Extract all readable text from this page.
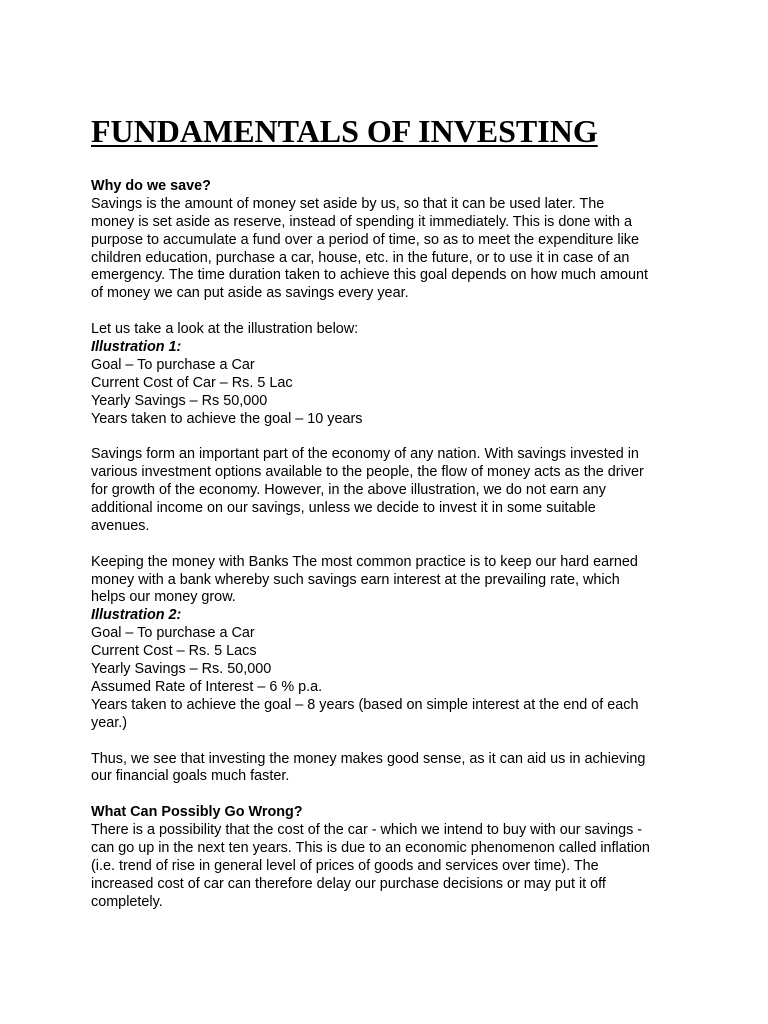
FUNDAMENTALS OF INVESTING
Why do we save?
Savings is the amount of money set aside by us, so that it can be used later. The
money is set aside as reserve, instead of spending it immediately. This is done with a
purpose to accumulate a fund over a period of time, so as to meet the expenditure like
children education, purchase a car, house, etc. in the future, or to use it in case of an
emergency. The time duration taken to achieve this goal depends on how much amount
of money we can put aside as savings every year.
Let us take a look at the illustration below:
Illustration 1:
Goal – To purchase a Car
Current Cost of Car – Rs. 5 Lac
Yearly Savings – Rs 50,000
Years taken to achieve the goal – 10 years
Savings form an important part of the economy of any nation. With savings invested in
various investment options available to the people, the flow of money acts as the driver
for growth of the economy. However, in the above illustration, we do not earn any
additional income on our savings, unless we decide to invest it in some suitable
avenues.
Keeping the money with Banks The most common practice is to keep our hard earned
money with a bank whereby such savings earn interest at the prevailing rate, which
helps our money grow.
Illustration 2:
Goal – To purchase a Car
Current Cost – Rs. 5 Lacs
Yearly Savings – Rs. 50,000
Assumed Rate of Interest – 6 % p.a.
Years taken to achieve the goal – 8 years (based on simple interest at the end of each
year.)
Thus, we see that investing the money makes good sense, as it can aid us in achieving
our financial goals much faster.
What Can Possibly Go Wrong?
There is a possibility that the cost of the car - which we intend to buy with our savings -
can go up in the next ten years. This is due to an economic phenomenon called inflation
(i.e. trend of rise in general level of prices of goods and services over time). The
increased cost of car can therefore delay our purchase decisions or may put it off
completely.
